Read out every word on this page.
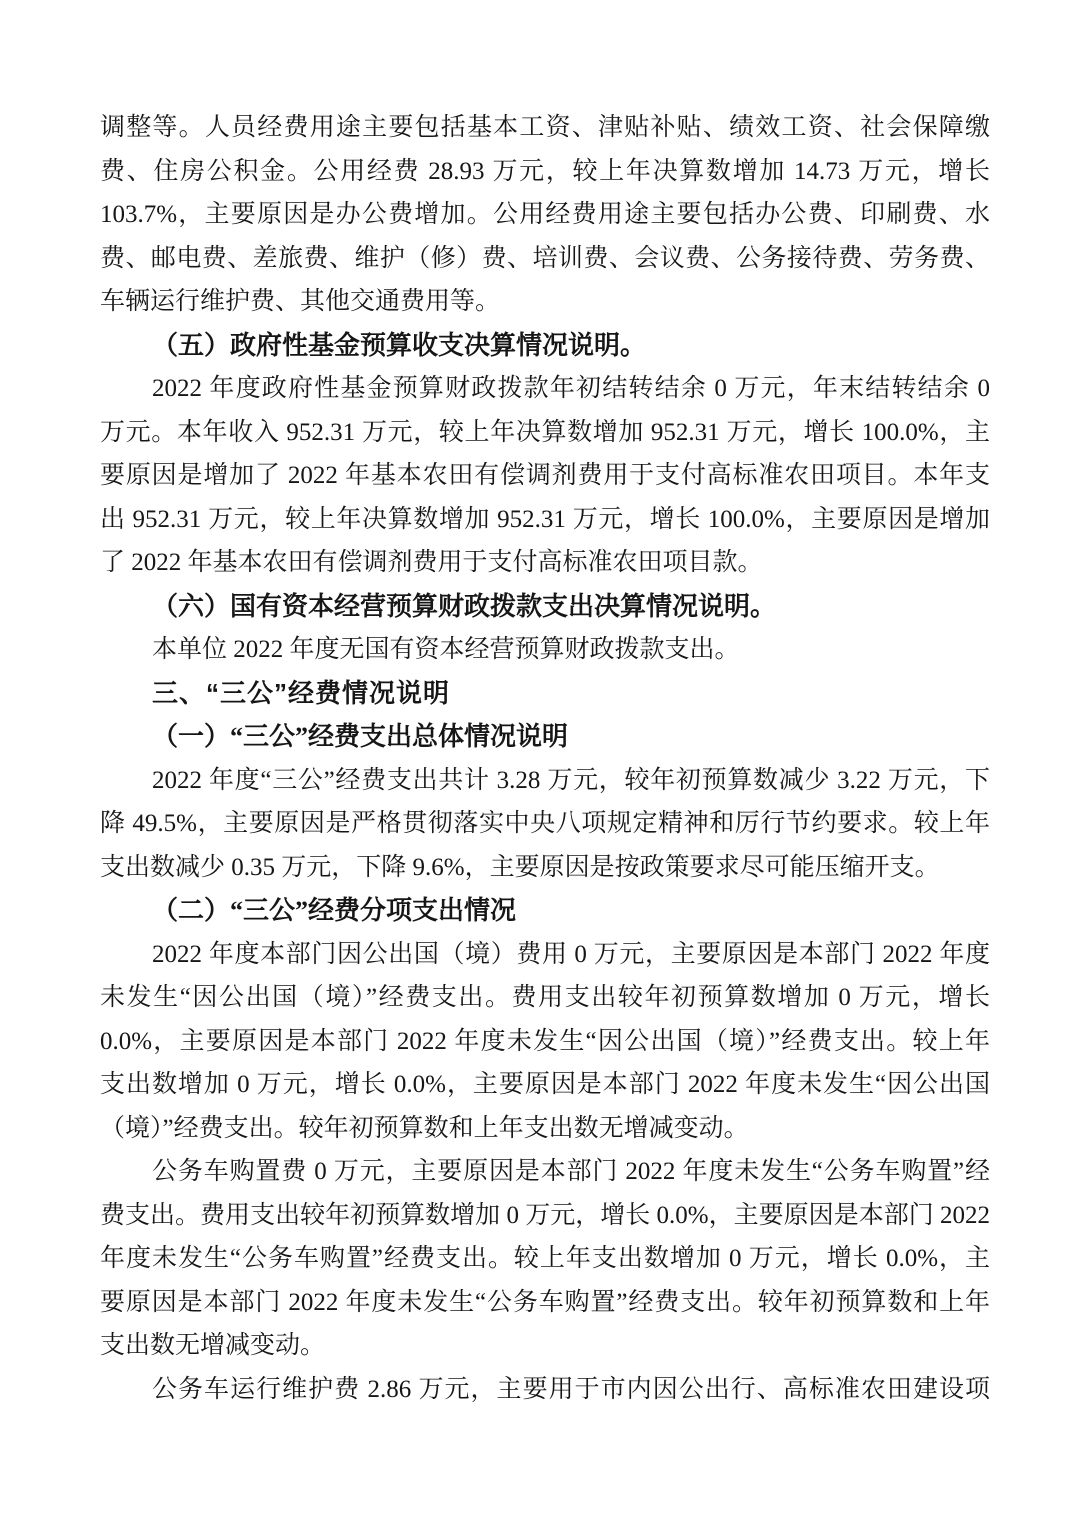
调整等。人员经费用途主要包括基本工资、津贴补贴、绩效工资、社会保障缴
费、住房公积金。公用经费 28.93 万元，较上年决算数增加 14.73 万元，增长
103.7%，主要原因是办公费增加。公用经费用途主要包括办公费、印刷费、水
费、邮电费、差旅费、维护（修）费、培训费、会议费、公务接待费、劳务费、
车辆运行维护费、其他交通费用等。
（五）政府性基金预算收支决算情况说明。
2022 年度政府性基金预算财政拨款年初结转结余 0 万元，年末结转结余 0
万元。本年收入 952.31 万元，较上年决算数增加 952.31 万元，增长 100.0%，主
要原因是增加了 2022 年基本农田有偿调剂费用于支付高标准农田项目。本年支
出 952.31 万元，较上年决算数增加 952.31 万元，增长 100.0%，主要原因是增加
了 2022 年基本农田有偿调剂费用于支付高标准农田项目款。
（六）国有资本经营预算财政拨款支出决算情况说明。
本单位 2022 年度无国有资本经营预算财政拨款支出。
三、“三公”经费情况说明
（一）“三公”经费支出总体情况说明
2022 年度“三公”经费支出共计 3.28 万元，较年初预算数减少 3.22 万元，下
降 49.5%，主要原因是严格贯彻落实中央八项规定精神和厉行节约要求。较上年
支出数减少 0.35 万元，下降 9.6%，主要原因是按政策要求尽可能压缩开支。
（二）“三公”经费分项支出情况
2022 年度本部门因公出国（境）费用 0 万元，主要原因是本部门 2022 年度
未发生“因公出国（境）”经费支出。费用支出较年初预算数增加 0 万元，增长
0.0%，主要原因是本部门 2022 年度未发生“因公出国（境）”经费支出。较上年
支出数增加 0 万元，增长 0.0%，主要原因是本部门 2022 年度未发生“因公出国
（境）”经费支出。较年初预算数和上年支出数无增减变动。
公务车购置费 0 万元，主要原因是本部门 2022 年度未发生“公务车购置”经
费支出。费用支出较年初预算数增加 0 万元，增长 0.0%，主要原因是本部门 2022
年度未发生“公务车购置”经费支出。较上年支出数增加 0 万元，增长 0.0%，主
要原因是本部门 2022 年度未发生“公务车购置”经费支出。较年初预算数和上年
支出数无增减变动。
公务车运行维护费 2.86 万元，主要用于市内因公出行、高标准农田建设项
